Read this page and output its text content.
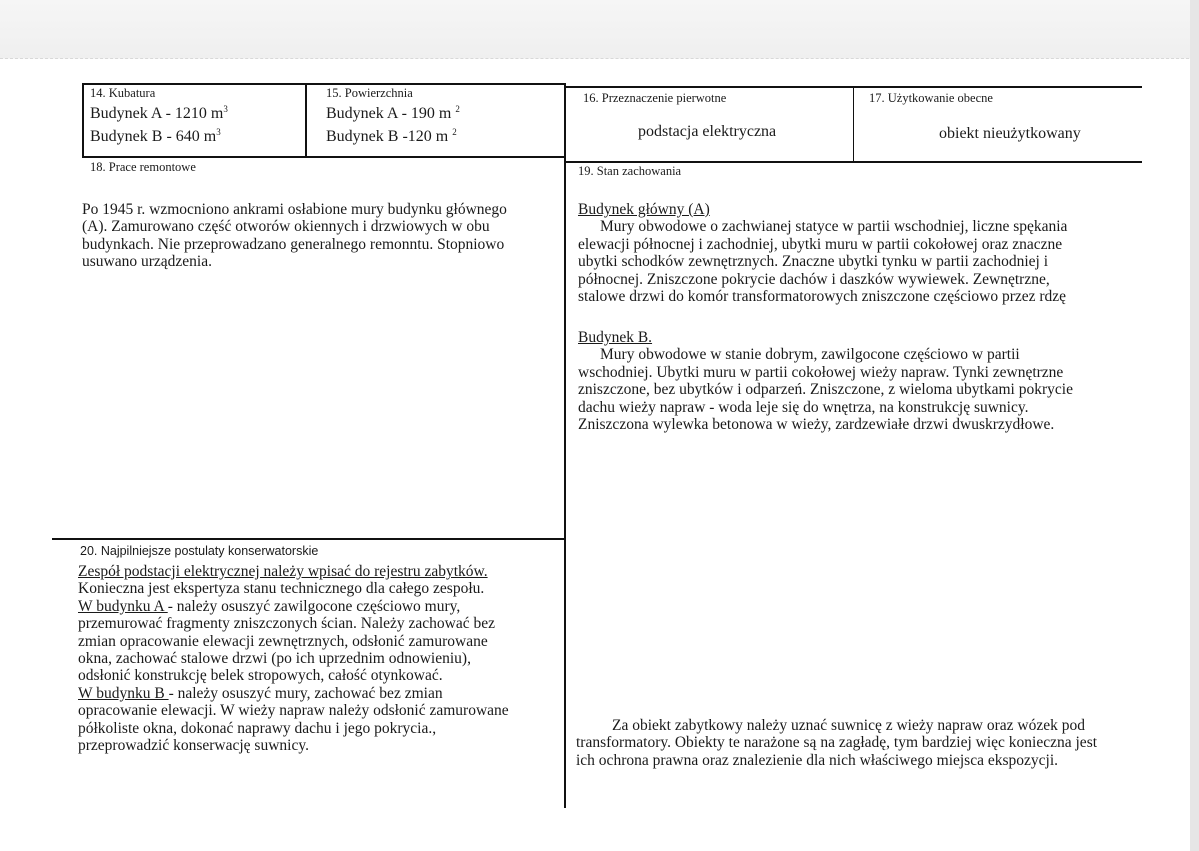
14. Kubatura
Budynek A - 1210 $m^3$
Budynek B - 640 $m^3$
15. Powierzchnia
Budynek A - 190 m $^2$
Budynek B -120 m $^2$
16. Przeznaczenie pierwotne
podstacja elektryczna
17. Użytkowanie obecne
obiekt nieużytkowany
18. Prace remontowe
Po 1945 r. wzmocniono ankrami osłabione mury budynku głównego
(A). Zamurowano część otworów okiennych i drzwiowych w obu
budynkach. Nie przeprowadzano generalnego remonntu. Stopniowo
usuwano urządzenia.
19. Stan zachowania
Budynek główny (A)
Mury obwodowe o zachwianej statyce w partii wschodniej, liczne spękania
elewacji północnej i zachodniej, ubytki muru w partii cokołowej oraz znaczne
ubytki schodków zewnętrznych. Znaczne ubytki tynku w partii zachodniej i
północnej. Zniszczone pokrycie dachów i daszków wywiewek. Zewnętrzne,
stalowe drzwi do komór transformatorowych zniszczone częściowo przez rdzę
Budynek B.
Mury obwodowe w stanie dobrym, zawilgocone częściowo w partii
wschodniej. Ubytki muru w partii cokołowej wieży napraw. Tynki zewnętrzne
zniszczone, bez ubytków i odparzeń. Zniszczone, z wieloma ubytkami pokrycie
dachu wieży napraw - woda leje się do wnętrza, na konstrukcję suwnicy.
Zniszczona wylewka betonowa w wieży, zardzewiałe drzwi dwuskrzydłowe.
20. Najpilniejsze postulaty konserwatorskie
Zespół podstacji elektrycznej należy wpisać do rejestru zabytków.
Konieczna jest ekspertyza stanu technicznego dla całego zespołu.
W budynku A - należy osuszyć zawilgocone częściowo mury,
przemurować fragmenty zniszczonych ścian. Należy zachować bez
zmian opracowanie elewacji zewnętrznych, odsłonić zamurowane
okna, zachować stalowe drzwi (po ich uprzednim odnowieniu),
odsłonić konstrukcję belek stropowych, całość otynkować.
W budynku B - należy osuszyć mury, zachować bez zmian
opracowanie elewacji. W wieży napraw należy odsłonić zamurowane
półkoliste okna, dokonać naprawy dachu i jego pokrycia.,
przeprowadzić konserwację suwnicy.
Za obiekt zabytkowy należy uznać suwnicę z wieży napraw oraz wózek pod
transformatory. Obiekty te narażone są na zagładę, tym bardziej więc konieczna jest
ich ochrona prawna oraz znalezienie dla nich właściwego miejsca ekspozycji.
